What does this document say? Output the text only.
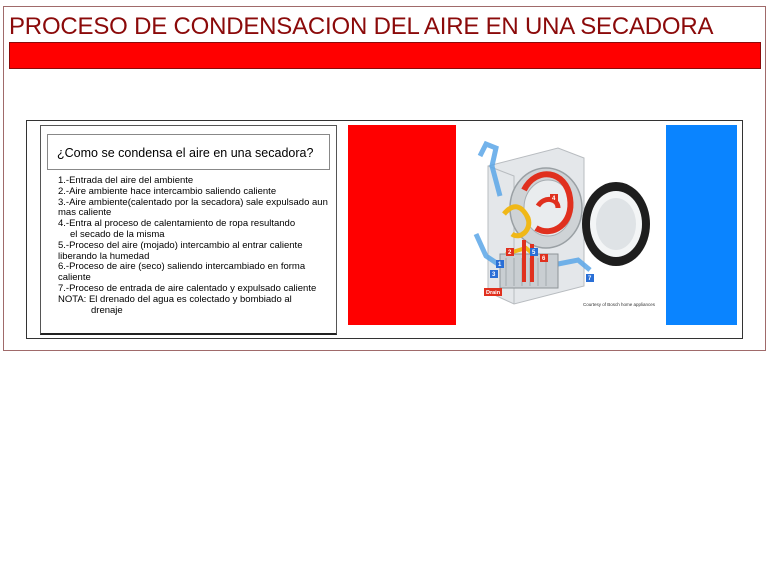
PROCESO DE CONDENSACION DEL AIRE EN UNA SECADORA
¿Como se condensa el aire en una secadora?
1.-Entrada del aire del ambiente
2.-Aire ambiente hace intercambio saliendo caliente
3.-Aire ambiente(calentado por la secadora) sale expulsado aun mas caliente
4.-Entra al proceso de calentamiento de ropa resultando
el secado de la misma
5.-Proceso del aire (mojado) intercambio al entrar caliente liberando la humedad
6.-Proceso de aire (seco) saliendo intercambiado en forma caliente
7.-Proceso de entrada de aire calentado y expulsado caliente
NOTA: El drenado del agua es colectado y bombiado al
drenaje
1
2
3
4
5
6
7
Drain
Courtesy of Bosch home appliances
